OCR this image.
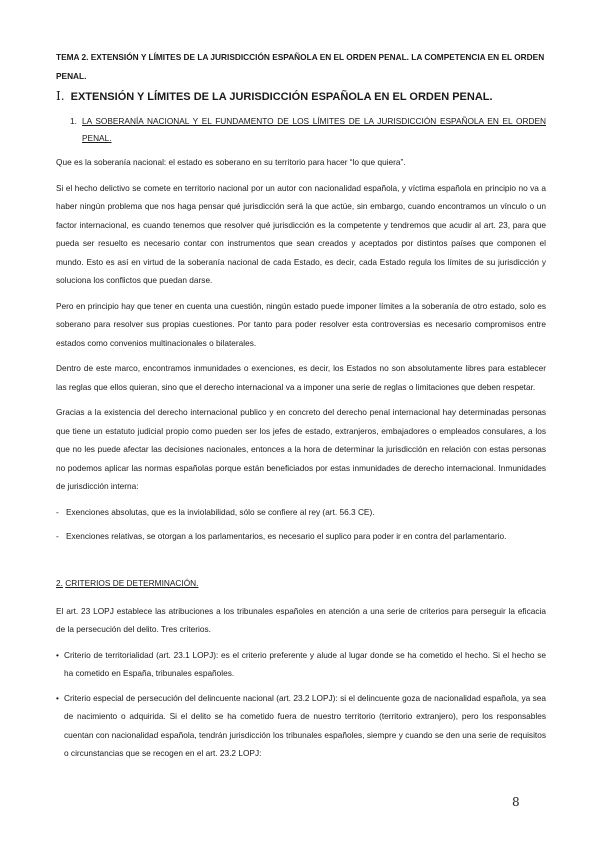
TEMA 2. EXTENSIÓN Y LÍMITES DE LA JURISDICCIÓN ESPAÑOLA EN EL ORDEN PENAL. LA COMPETENCIA EN EL ORDEN PENAL.
I. EXTENSIÓN Y LÍMITES DE LA JURISDICCIÓN ESPAÑOLA EN EL ORDEN PENAL.
1. LA SOBERANÍA NACIONAL Y EL FUNDAMENTO DE LOS LÍMITES DE LA JURISDICCIÓN ESPAÑOLA EN EL ORDEN PENAL.

Que es la soberanía nacional: el estado es soberano en su territorio para hacer “lo que quiera”.

Si el hecho delictivo se comete en territorio nacional por un autor con nacionalidad española, y víctima española en principio no va a haber ningún problema que nos haga pensar qué jurisdicción será la que actúe, sin embargo, cuando encontramos un vínculo o un factor internacional, es cuando tenemos que resolver qué jurisdicción es la competente y tendremos que acudir al art. 23, para que pueda ser resuelto es necesario contar con instrumentos que sean creados y aceptados por distintos países que componen el mundo. Esto es así en virtud de la soberanía nacional de cada Estado, es decir, cada Estado regula los límites de su jurisdicción y soluciona los conflictos que puedan darse.

Pero en principio hay que tener en cuenta una cuestión, ningún estado puede imponer límites a la soberanía de otro estado, solo es soberano para resolver sus propias cuestiones. Por tanto para poder resolver esta controversias es necesario compromisos entre estados como convenios multinacionales o bilaterales.

Dentro de este marco, encontramos inmunidades o exenciones, es decir, los Estados no son absolutamente libres para establecer las reglas que ellos quieran, sino que el derecho internacional va a imponer una serie de reglas o limitaciones que deben respetar.

Gracias a la existencia del derecho internacional publico y en concreto del derecho penal internacional hay determinadas personas que tiene un estatuto judicial propio como pueden ser los jefes de estado, extranjeros, embajadores o empleados consulares, a los que no les puede afectar las decisiones nacionales, entonces a la hora de determinar la jurisdicción en relación con estas personas no podemos aplicar las normas españolas porque están beneficiados por estas inmunidades de derecho internacional. Inmunidades de jurisdicción interna:

- Exenciones absolutas, que es la inviolabilidad, sólo se confiere al rey (art. 56.3 CE).
- Exenciones relativas, se otorgan a los parlamentarios, es necesario el suplico para poder ir en contra del parlamentario.
2. CRITERIOS DE DETERMINACIÓN.

El art. 23 LOPJ establece las atribuciones a los tribunales españoles en atención a una serie de criterios para perseguir la eficacia de la persecución del delito. Tres criterios.

• Criterio de territorialidad (art. 23.1 LOPJ): es el criterio preferente y alude al lugar donde se ha cometido el hecho. Si el hecho se ha cometido en España, tribunales españoles.
• Criterio especial de persecución del delincuente nacional (art. 23.2 LOPJ): si el delincuente goza de nacionalidad española, ya sea de nacimiento o adquirida. Si el delito se ha cometido fuera de nuestro territorio (territorio extranjero), pero los responsables cuentan con nacionalidad española, tendrán jurisdicción los tribunales españoles, siempre y cuando se den una serie de requisitos o circunstancias que se recogen en el art. 23.2 LOPJ:
8
